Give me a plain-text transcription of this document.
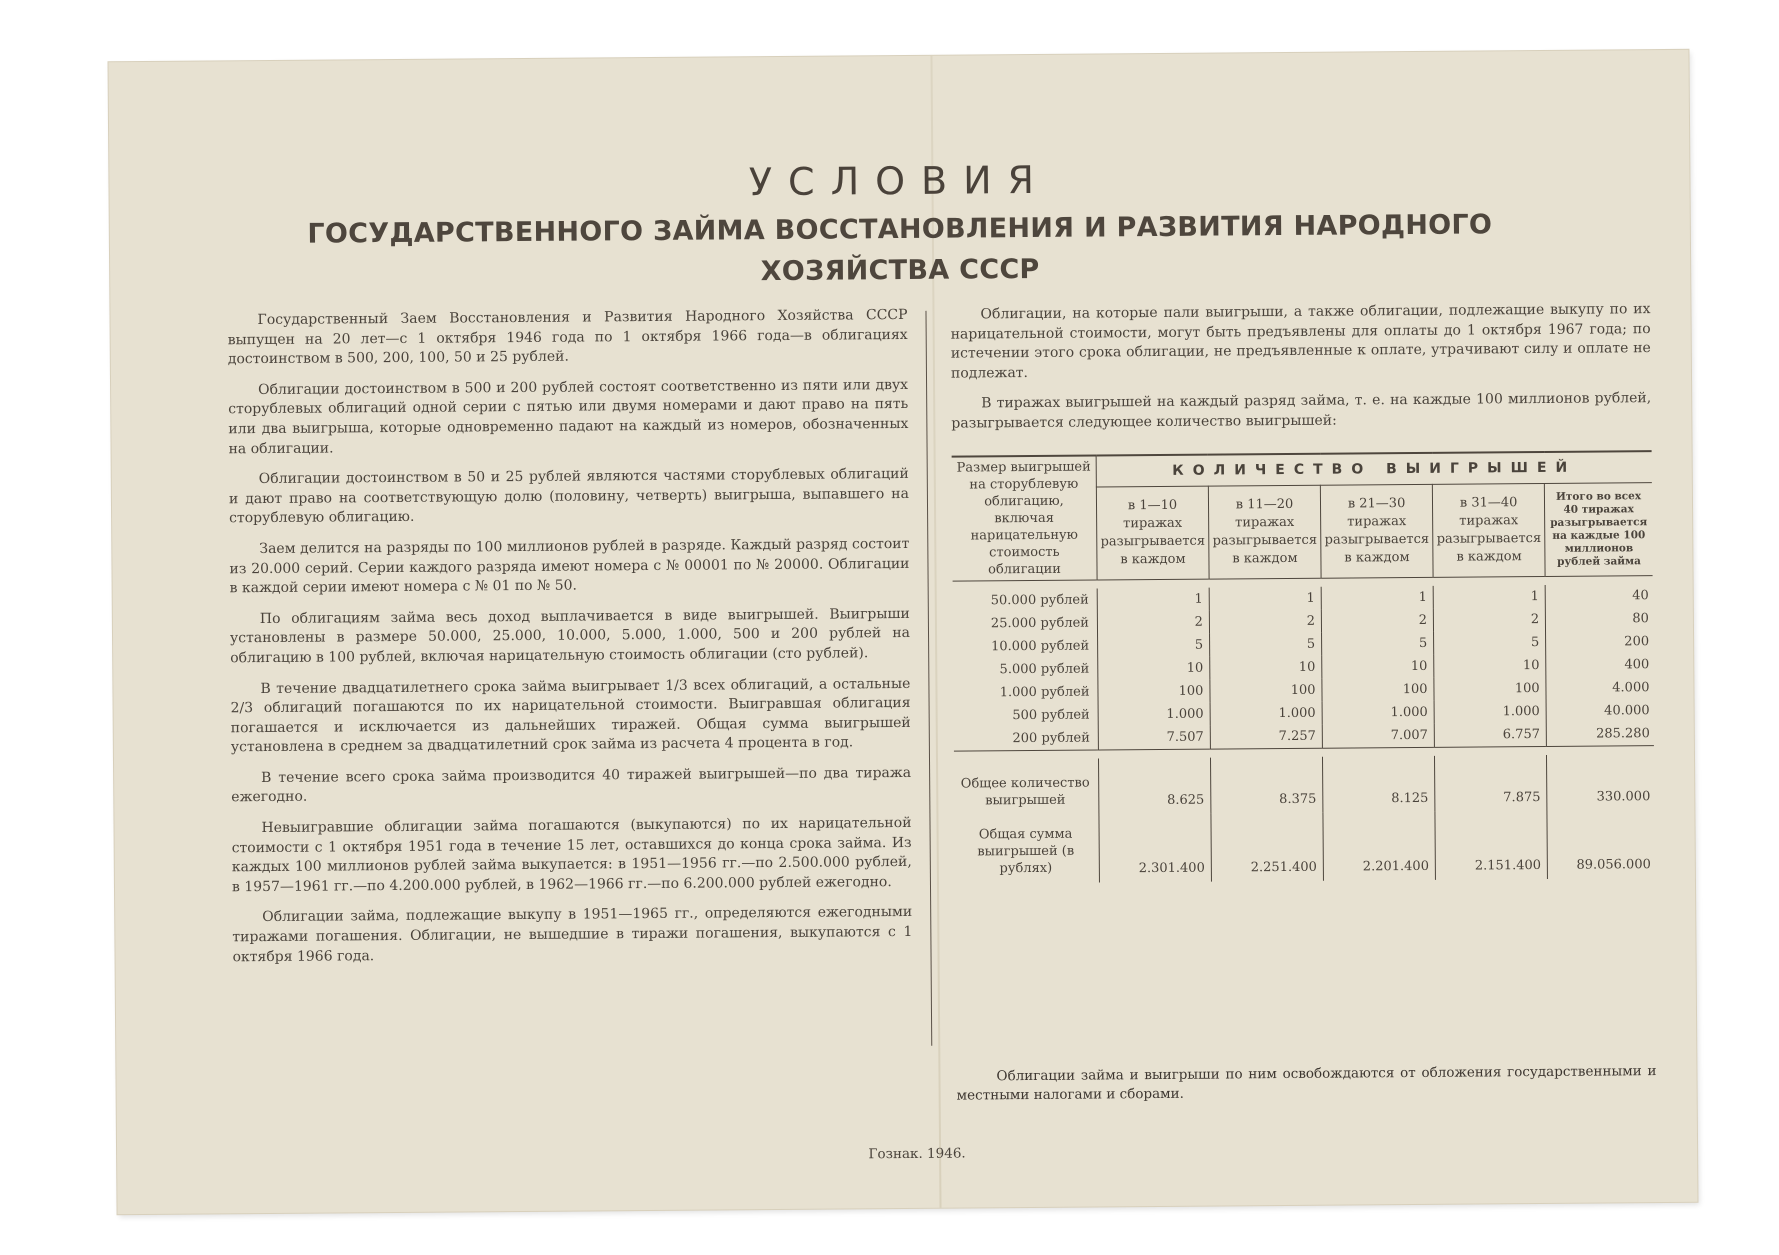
УСЛОВИЯ
ГОСУДАРСТВЕННОГО ЗАЙМА ВОССТАНОВЛЕНИЯ И РАЗВИТИЯ НАРОДНОГО
ХОЗЯЙСТВА СССР

Государственный Заем Восстановления и Развития Народного Хозяйства СССР выпущен на 20 лет—с 1 октября 1946 года по 1 октября 1966 года—в облигациях достоинством в 500, 200, 100, 50 и 25 рублей.

Облигации достоинством в 500 и 200 рублей состоят соответственно из пяти или двух сторублевых облигаций одной серии с пятью или двумя номерами и дают право на пять или два выигрыша, которые одновременно падают на каждый из номеров, обозначенных на облигации.

Облигации достоинством в 50 и 25 рублей являются частями сторублевых облигаций и дают право на соответствующую долю (половину, четверть) выигрыша, выпавшего на сторублевую облигацию.

Заем делится на разряды по 100 миллионов рублей в разряде. Каждый разряд состоит из 20.000 серий. Серии каждого разряда имеют номера с № 00001 по № 20000. Облигации в каждой серии имеют номера с № 01 по № 50.

По облигациям займа весь доход выплачивается в виде выигрышей. Выигрыши установлены в размере 50.000, 25.000, 10.000, 5.000, 1.000, 500 и 200 рублей на облигацию в 100 рублей, включая нарицательную стоимость облигации (сто рублей).

В течение двадцатилетнего срока займа выигрывает 1/3 всех облигаций, а остальные 2/3 облигаций погашаются по их нарицательной стоимости. Выигравшая облигация погашается и исключается из дальнейших тиражей. Общая сумма выигрышей установлена в среднем за двадцатилетний срок займа из расчета 4 процента в год.

В течение всего срока займа производится 40 тиражей выигрышей—по два тиража ежегодно.

Невыигравшие облигации займа погашаются (выкупаются) по их нарицательной стоимости с 1 октября 1951 года в течение 15 лет, оставшихся до конца срока займа. Из каждых 100 миллионов рублей займа выкупается: в 1951—1956 гг.—по 2.500.000 рублей, в 1957—1961 гг.—по 4.200.000 рублей, в 1962—1966 гг.—по 6.200.000 рублей ежегодно.

Облигации займа, подлежащие выкупу в 1951—1965 гг., определяются ежегодными тиражами погашения. Облигации, не вышедшие в тиражи погашения, выкупаются с 1 октября 1966 года.

Облигации, на которые пали выигрыши, а также облигации, подлежащие выкупу по их нарицательной стоимости, могут быть предъявлены для оплаты до 1 октября 1967 года; по истечении этого срока облигации, не предъявленные к оплате, утрачивают силу и оплате не подлежат.

В тиражах выигрышей на каждый разряд займа, т. е. на каждые 100 миллионов рублей, разыгрывается следующее количество выигрышей:

Размер выигрышей на сторублевую облигацию, включая нарицательную стоимость облигации	КОЛИЧЕСТВО ВЫИГРЫШЕЙ				
	в 1—10 тиражах разыгрывается в каждом	в 11—20 тиражах разыгрывается в каждом	в 21—30 тиражах разыгрывается в каждом	в 31—40 тиражах разыгрывается в каждом	Итого во всех 40 тиражах разыгрывается на каждые 100 миллионов рублей займа

50.000 рублей	1	1	1	1	40
25.000 рублей	2	2	2	2	80
10.000 рублей	5	5	5	5	200
5.000 рублей	10	10	10	10	400
1.000 рублей	100	100	100	100	4.000
500 рублей	1.000	1.000	1.000	1.000	40.000
200 рублей	7.507	7.257	7.007	6.757	285.280

Общее количество выигрышей	8.625	8.375	8.125	7.875	330.000
Общая сумма выигрышей (в рублях)	2.301.400	2.251.400	2.201.400	2.151.400	89.056.000

Облигации займа и выигрыши по ним освобождаются от обложения государственными и местными налогами и сборами.

Гознак. 1946.
